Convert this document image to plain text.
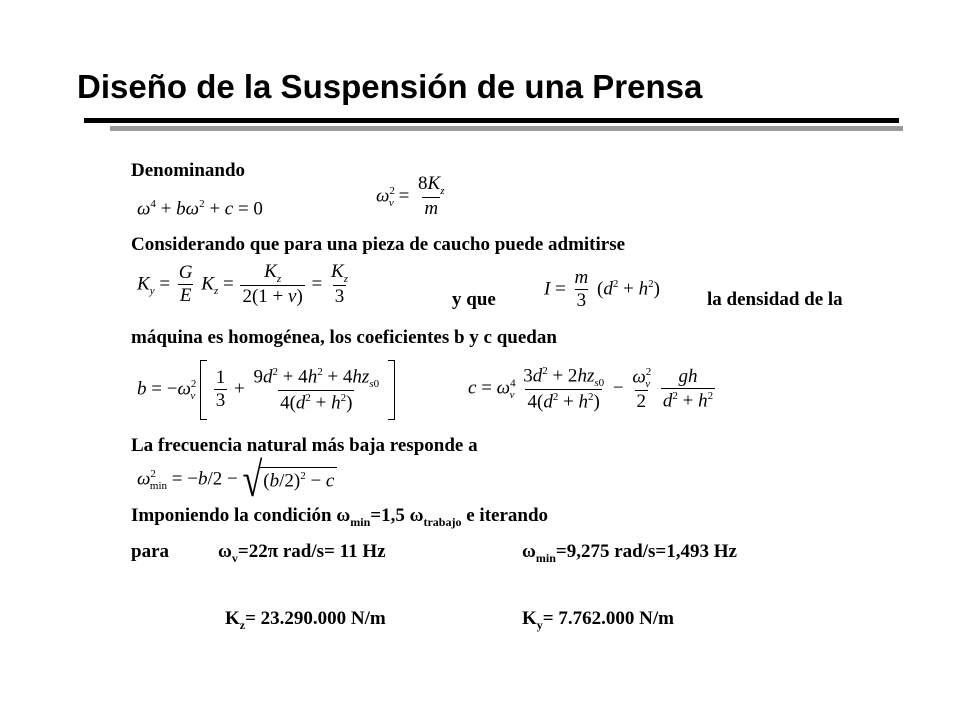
Diseño de la Suspensión de una Prensa
Denominando
$\omega^4 + b\omega^2 + c = 0$
$\omega^2_\nu = \frac{8K_z}{m}$
Considerando que para una pieza de caucho puede admitirse
$K_y = \frac{G}{E} K_z = \frac{K_z}{2(1 + \nu)} = \frac{K_z}{3}$	y que
$I = \frac{m}{3} (d^2 + h^2)$
la densidad de la
máquina es homogénea, los coeficientes b y c quedan
$b = -\omega^2_\nu \frac{1}{3} + \frac{9d^2 + 4h^2 + 4hz_{s0}}{4(d^2 + h^2)}$
	$c = \omega^4_\nu \frac{3d^2 + 2hz_{s0}}{4(d^2 + h^2)} - \frac{\omega^2_\nu}{2}$
$\frac{gh}{d^2 + h^2}$
La frecuencia natural más baja responde a
$\omega^2_{min} = -b/2$ − √ $(b/2)^2 - c$
Imponiendo la condición $\omega_{min}=1,5$ $\omega_{trabajo}$ e iterando
para	$\omega_v=22\pi$ rad/s= 11 Hz	$\omega_{min}=9,275$ rad/s=1,493 Hz
$K_z= 23.290.000$ N/m	$K_y= 7.762.000$ N/m
